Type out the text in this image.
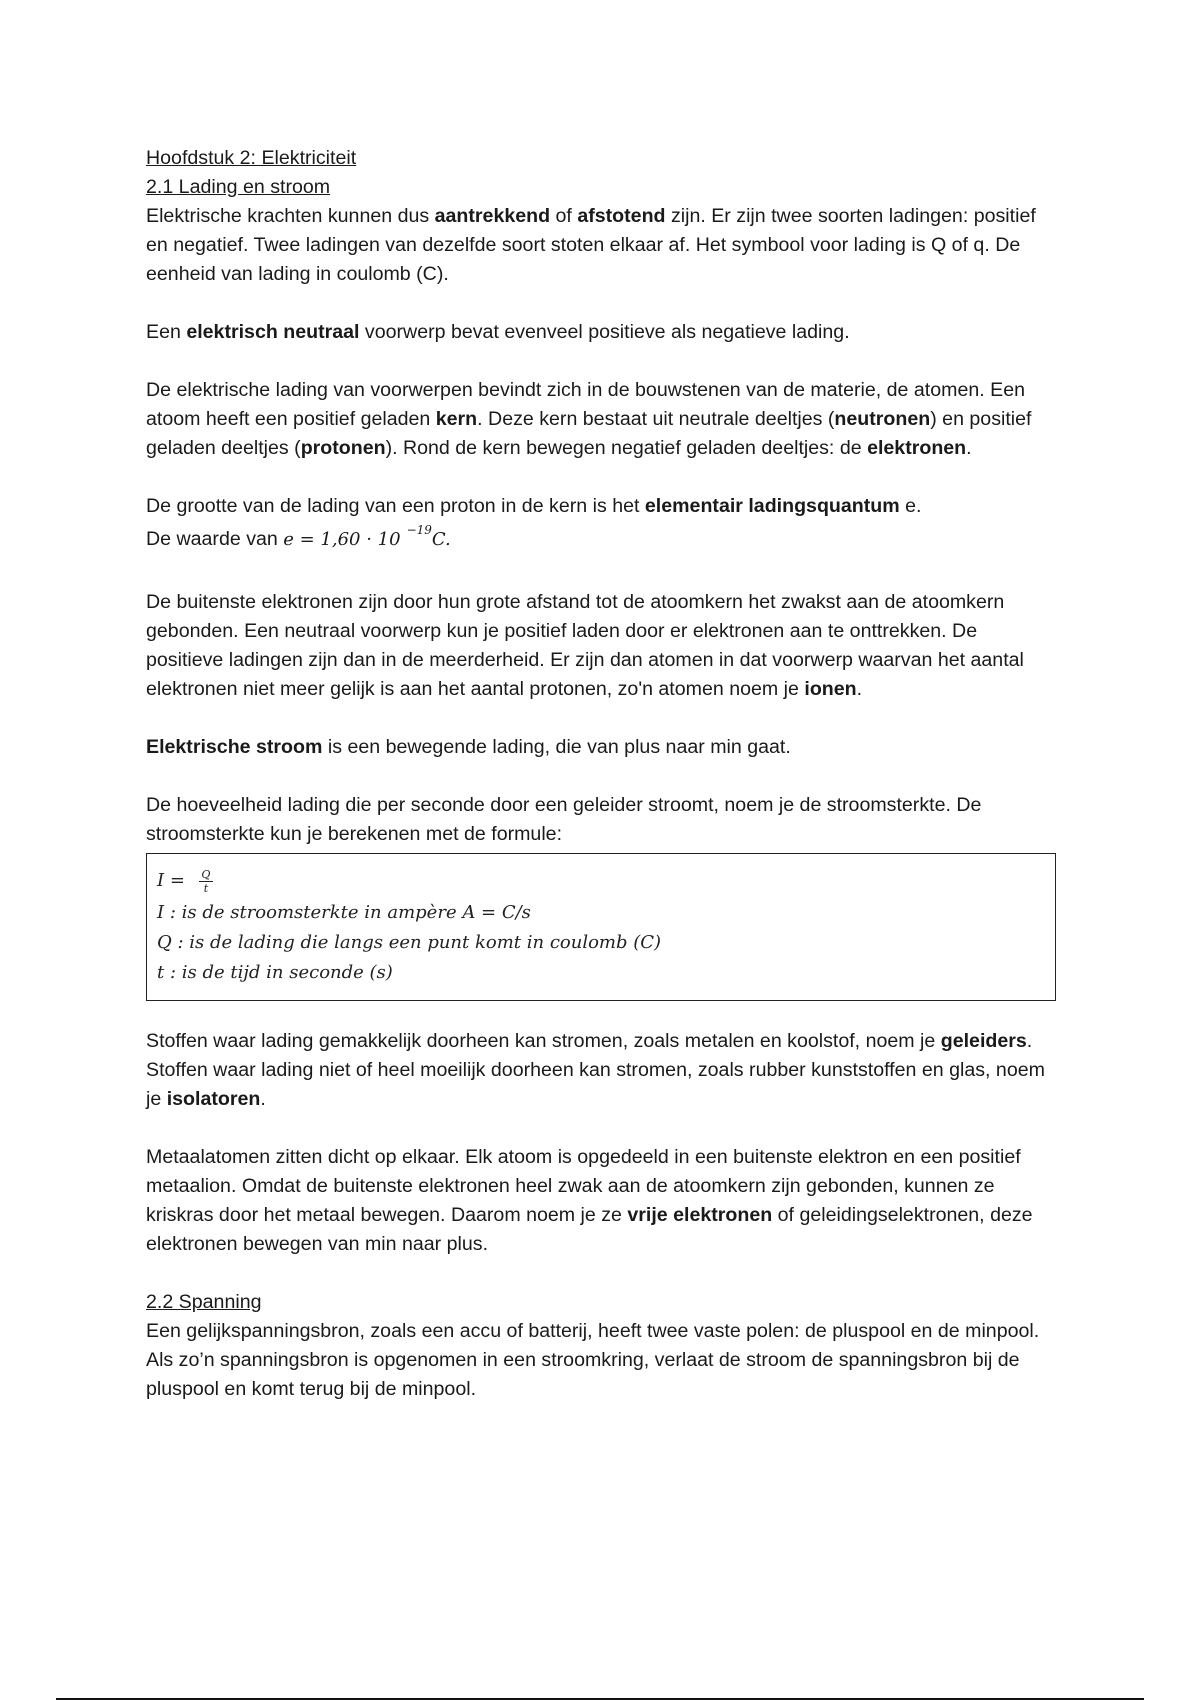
Hoofdstuk 2: Elektriciteit

2.1 Lading en stroom

Elektrische krachten kunnen dus aantrekkend of afstotend zijn. Er zijn twee soorten ladingen: positief en negatief. Twee ladingen van dezelfde soort stoten elkaar af. Het symbool voor lading is Q of q. De eenheid van lading in coulomb (C).

Een elektrisch neutraal voorwerp bevat evenveel positieve als negatieve lading.

De elektrische lading van voorwerpen bevindt zich in de bouwstenen van de materie, de atomen. Een atoom heeft een positief geladen kern. Deze kern bestaat uit neutrale deeltjes (neutronen) en positief geladen deeltjes (protonen). Rond de kern bewegen negatief geladen deeltjes: de elektronen.

De grootte van de lading van een proton in de kern is het elementair ladingsquantum e.

De waarde van e = 1,60 · 10 $^{-19}$C.

De buitenste elektronen zijn door hun grote afstand tot de atoomkern het zwakst aan de atoomkern gebonden. Een neutraal voorwerp kun je positief laden door er elektronen aan te onttrekken. De positieve ladingen zijn dan in de meerderheid. Er zijn dan atomen in dat voorwerp waarvan het aantal elektronen niet meer gelijk is aan het aantal protonen, zo'n atomen noem je ionen.

Elektrische stroom is een bewegende lading, die van plus naar min gaat.

De hoeveelheid lading die per seconde door een geleider stroomt, noem je de stroomsterkte. De stroomsterkte kun je berekenen met de formule:

$I = \frac{Q}{t}$
I : is de stroomsterkte in ampère A = C/s
Q : is de lading die langs een punt komt in coulomb (C)
t : is de tijd in seconde (s)

Stoffen waar lading gemakkelijk doorheen kan stromen, zoals metalen en koolstof, noem je geleiders.
Stoffen waar lading niet of heel moeilijk doorheen kan stromen, zoals rubber kunststoffen en glas, noem je isolatoren.

Metaalatomen zitten dicht op elkaar. Elk atoom is opgedeeld in een buitenste elektron en een positief metaalion. Omdat de buitenste elektronen heel zwak aan de atoomkern zijn gebonden, kunnen ze kriskras door het metaal bewegen. Daarom noem je ze vrije elektronen of geleidingselektronen, deze elektronen bewegen van min naar plus.

2.2 Spanning

Een gelijkspanningsbron, zoals een accu of batterij, heeft twee vaste polen: de pluspool en de minpool. Als zo’n spanningsbron is opgenomen in een stroomkring, verlaat de stroom de spanningsbron bij de pluspool en komt terug bij de minpool.
